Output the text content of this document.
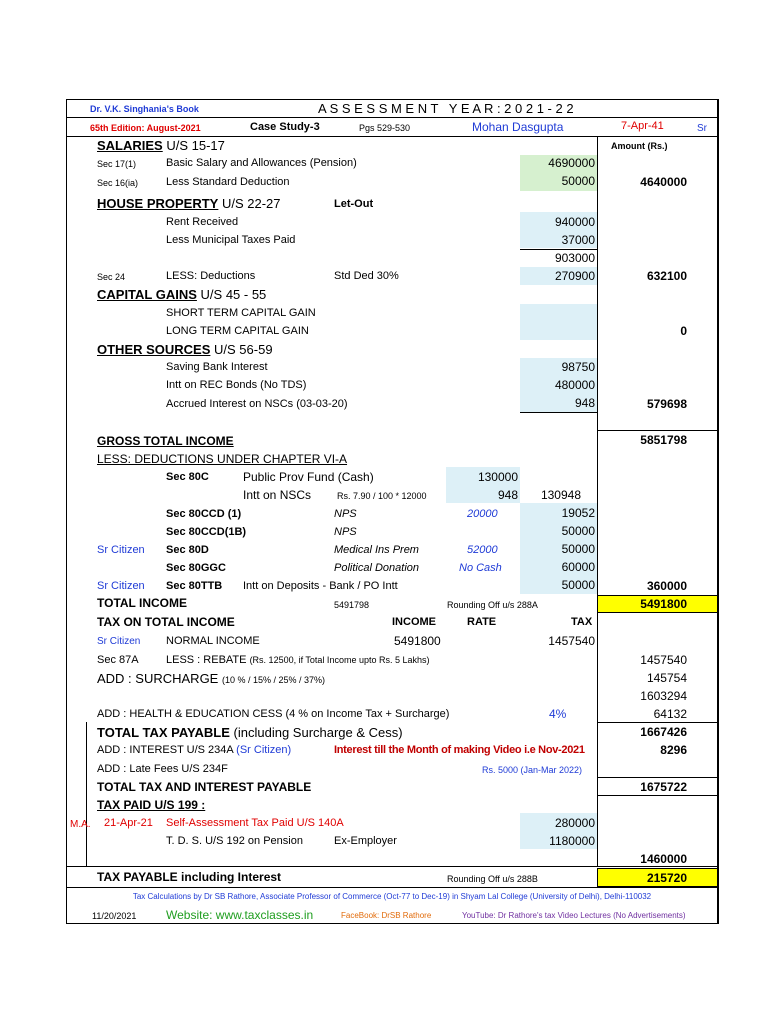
Dr. V.K. Singhania's Book	A S S E S S M E N T   Y E A R : 2 0 2 1 - 2 2
65th Edition: August-2021	Case Study-3	Pgs 529-530	Mohan Dasgupta	7-Apr-41	Sr
Amount (Rs.)
SALARIES U/S 15-17
Sec 17(1)	Basic Salary and Allowances (Pension)	4690000
Sec 16(ia)	Less Standard Deduction	50000	4640000
HOUSE PROPERTY U/S 22-27	Let-Out
Rent Received	940000
Less Municipal Taxes Paid	37000
903000
Sec 24	LESS: Deductions	Std Ded 30%	270900	632100
CAPITAL GAINS U/S 45 - 55
SHORT TERM CAPITAL GAIN
LONG TERM CAPITAL GAIN	0
OTHER SOURCES U/S 56-59
Saving Bank Interest	98750
Intt on REC Bonds (No TDS)	480000
Accrued Interest on NSCs (03-03-20)	948	579698
GROSS TOTAL INCOME	5851798
LESS: DEDUCTIONS UNDER CHAPTER VI-A
Sec 80C	Public Prov Fund (Cash)	130000
Intt on NSCs	Rs. 7.90 / 100 * 12000	948	130948
Sec 80CCD (1)	NPS	20000	19052
Sec 80CCD(1B)	NPS	50000
Sr Citizen Sec 80D	Medical Ins Prem	52000	50000
Sec 80GGC	Political Donation	No Cash	60000
Sr Citizen Sec 80TTB Intt on Deposits - Bank / PO Intt	50000	360000
TOTAL INCOME	5491798	Rounding Off u/s 288A	5491800
TAX ON TOTAL INCOME	INCOME	RATE	TAX
Sr Citizen NORMAL INCOME	5491800	1457540
Sec 87A LESS : REBATE (Rs. 12500, if Total Income upto Rs. 5 Lakhs)	1457540
ADD : SURCHARGE (10 % / 15% / 25% / 37%)	145754
1603294
ADD : HEALTH & EDUCATION CESS (4 % on Income Tax + Surcharge)	4%	64132
TOTAL TAX PAYABLE (including Surcharge & Cess)	1667426
ADD : INTEREST U/S 234A (Sr Citizen)	Interest till the Month of making Video i.e Nov-2021	8296
ADD : Late Fees U/S 234F	Rs. 5000 (Jan-Mar 2022)
TOTAL TAX AND INTEREST PAYABLE	1675722
TAX PAID U/S 199 :
M.A. 21-Apr-21 Self-Assessment Tax Paid U/S 140A	280000
T. D. S. U/S 192 on Pension	Ex-Employer	1180000
1460000
TAX PAYABLE including Interest	Rounding Off u/s 288B	215720
Tax Calculations by Dr SB Rathore, Associate Professor of Commerce (Oct-77 to Dec-19) in Shyam Lal College (University of Delhi), Delhi-110032
11/20/2021 Website: www.taxclasses.in	FaceBook: DrSB Rathore	YouTube: Dr Rathore's tax Video Lectures (No Advertisements)
